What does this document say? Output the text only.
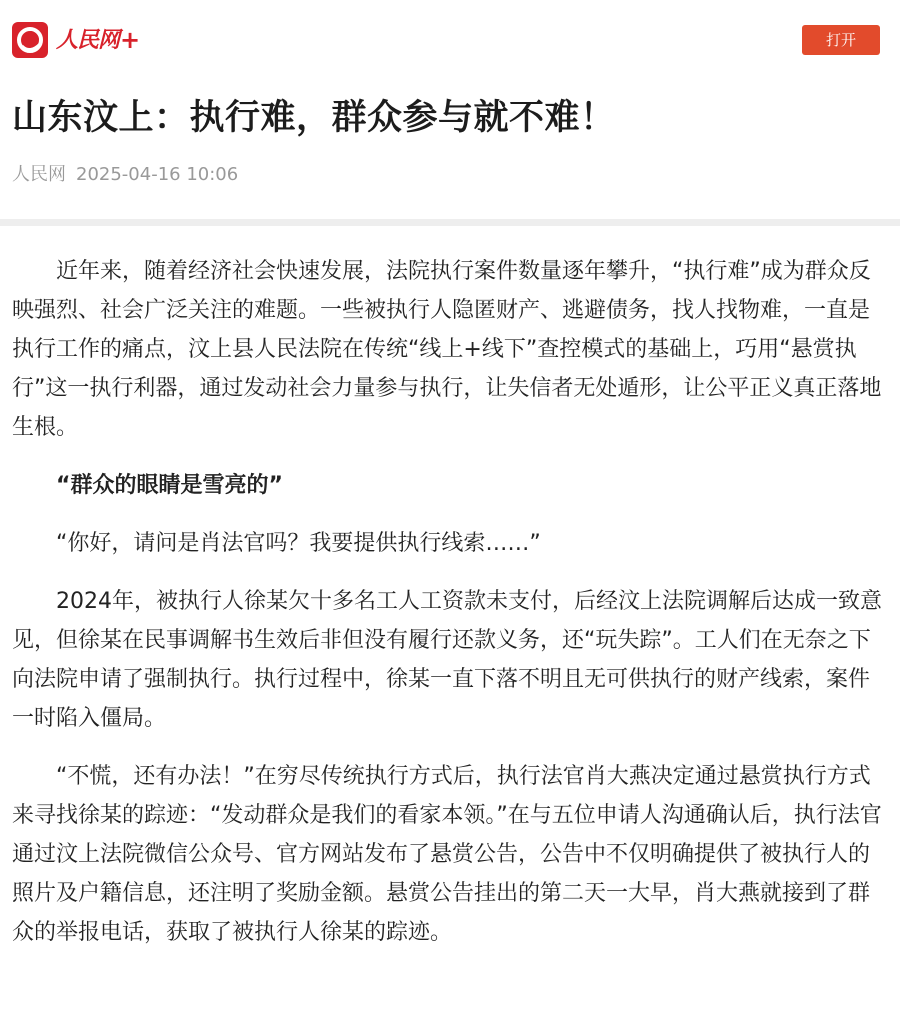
人民网 +	打开
山东汶上：执行难，群众参与就不难！
人民网 2025-04-16 10:06

近年来，随着经济社会快速发展，法院执行案件数量逐年攀升，“执行难”成为群众反映强烈、社会广泛关注的难题。一些被执行人隐匿财产、逃避债务，找人找物难，一直是执行工作的痛点，汶上县人民法院在传统“线上+线下”查控模式的基础上，巧用“悬赏执行”这一执行利器，通过发动社会力量参与执行，让失信者无处遁形，让公平正义真正落地生根。

“群众的眼睛是雪亮的”

“你好，请问是肖法官吗？我要提供执行线索……”

2024年，被执行人徐某欠十多名工人工资款未支付，后经汶上法院调解后达成一致意见，但徐某在民事调解书生效后非但没有履行还款义务，还“玩失踪”。工人们在无奈之下向法院申请了强制执行。执行过程中，徐某一直下落不明且无可供执行的财产线索，案件一时陷入僵局。

“不慌，还有办法！”在穷尽传统执行方式后，执行法官肖大燕决定通过悬赏执行方式来寻找徐某的踪迹：“发动群众是我们的看家本领。”在与五位申请人沟通确认后，执行法官通过汶上法院微信公众号、官方网站发布了悬赏公告，公告中不仅明确提供了被执行人的照片及户籍信息，还注明了奖励金额。悬赏公告挂出的第二天一大早，肖大燕就接到了群众的举报电话，获取了被执行人徐某的踪迹。
